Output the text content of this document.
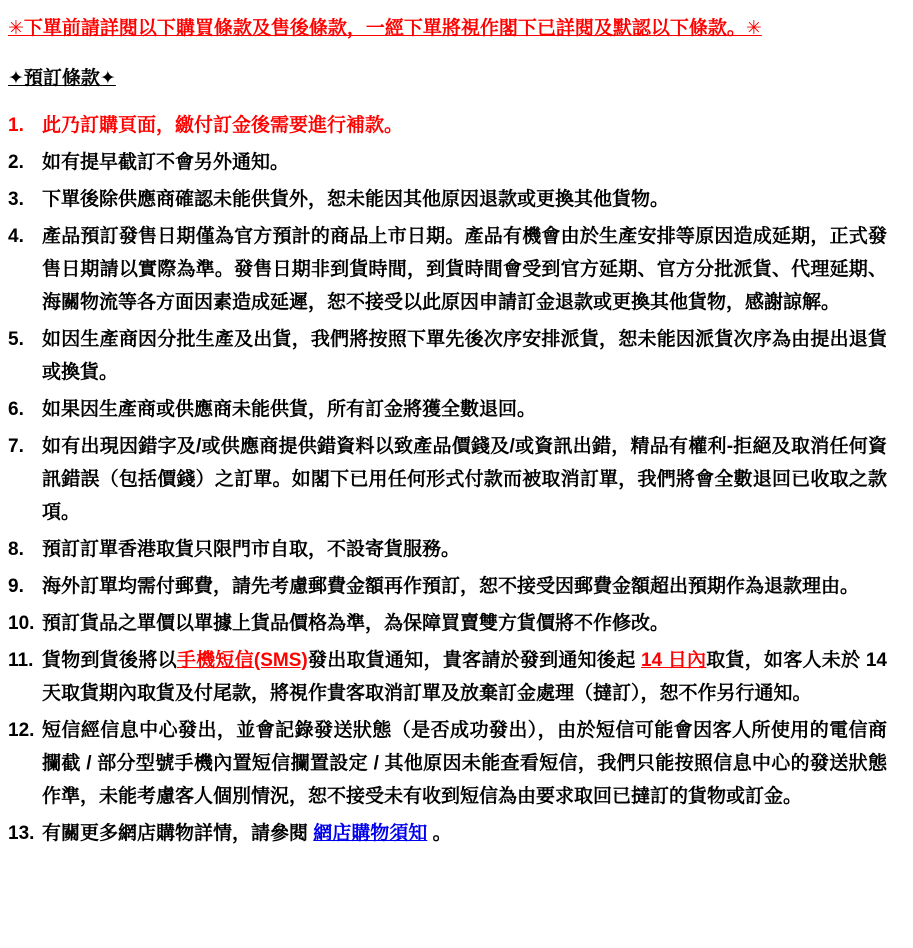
✳下單前請詳閱以下購買條款及售後條款，一經下單將視作閣下已詳閱及默認以下條款。✳
✦預訂條款✦
1. 此乃訂購頁面，繳付訂金後需要進行補款。
2. 如有提早截訂不會另外通知。
3. 下單後除供應商確認未能供貨外，恕未能因其他原因退款或更換其他貨物。
4. 產品預訂發售日期僅為官方預計的商品上市日期。產品有機會由於生產安排等原因造成延期，正式發售日期請以實際為準。發售日期非到貨時間，到貨時間會受到官方延期、官方分批派貨、代理延期、海關物流等各方面因素造成延遲，恕不接受以此原因申請訂金退款或更換其他貨物，感謝諒解。
5. 如因生產商因分批生產及出貨，我們將按照下單先後次序安排派貨，恕未能因派貨次序為由提出退貨或換貨。
6. 如果因生產商或供應商未能供貨，所有訂金將獲全數退回。
7. 如有出現因錯字及/或供應商提供錯資料以致產品價錢及/或資訊出錯，精品有權利-拒絕及取消任何資訊錯誤（包括價錢）之訂單。如閣下已用任何形式付款而被取消訂單，我們將會全數退回已收取之款項。
8. 預訂訂單香港取貨只限門市自取，不設寄貨服務。
9. 海外訂單均需付郵費，請先考慮郵費金額再作預訂，恕不接受因郵費金額超出預期作為退款理由。
10. 預訂貨品之單價以單據上貨品價格為準，為保障買賣雙方貨價將不作修改。
11. 貨物到貨後將以手機短信(SMS)發出取貨通知，貴客請於發到通知後起 14 日內取貨，如客人未於 14 天取貨期內取貨及付尾款，將視作貴客取消訂單及放棄訂金處理（撻訂），恕不作另行通知。
12. 短信經信息中心發出，並會記錄發送狀態（是否成功發出），由於短信可能會因客人所使用的電信商攔截 / 部分型號手機內置短信攔置設定 / 其他原因未能查看短信，我們只能按照信息中心的發送狀態作準，未能考慮客人個別情況，恕不接受未有收到短信為由要求取回已撻訂的貨物或訂金。
13. 有關更多網店購物詳情，請參閱 網店購物須知 。
